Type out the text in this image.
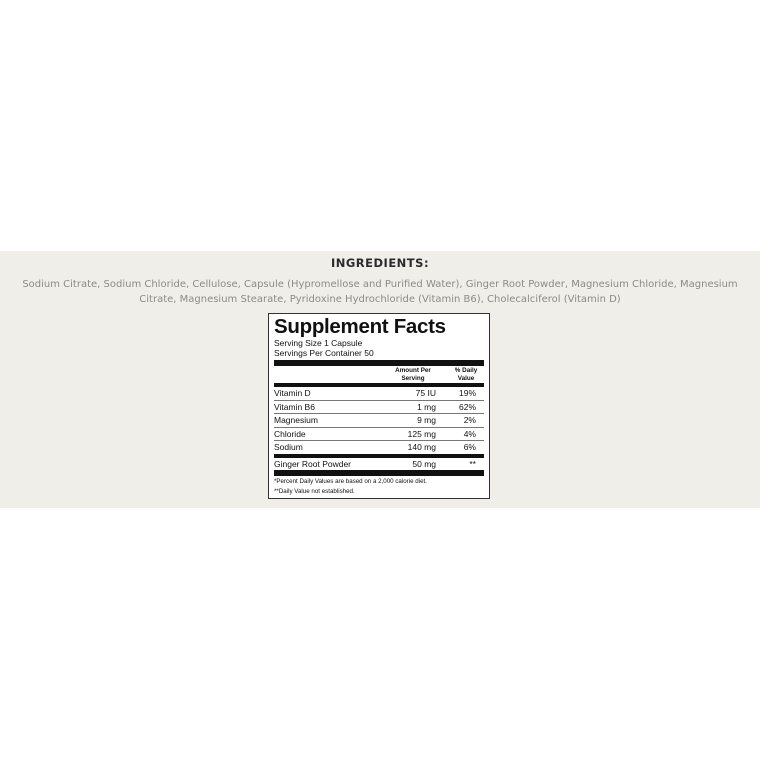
INGREDIENTS:
Sodium Citrate, Sodium Chloride, Cellulose, Capsule (Hypromellose and Purified Water), Ginger Root Powder, Magnesium Chloride, Magnesium Citrate, Magnesium Stearate, Pyridoxine Hydrochloride (Vitamin B6), Cholecalciferol (Vitamin D)
Supplement Facts
Serving Size 1 Capsule
Servings Per Container 50
Amount Per Serving
% Daily Value
Vitamin D	75 IU	19%
Vitamin B6	1 mg	62%
Magnesium	9 mg	2%
Chloride	125 mg	4%
Sodium	140 mg	6%
Ginger Root Powder	50 mg	**
*Percent Daily Values are based on a 2,000 calorie diet.
**Daily Value not established.
